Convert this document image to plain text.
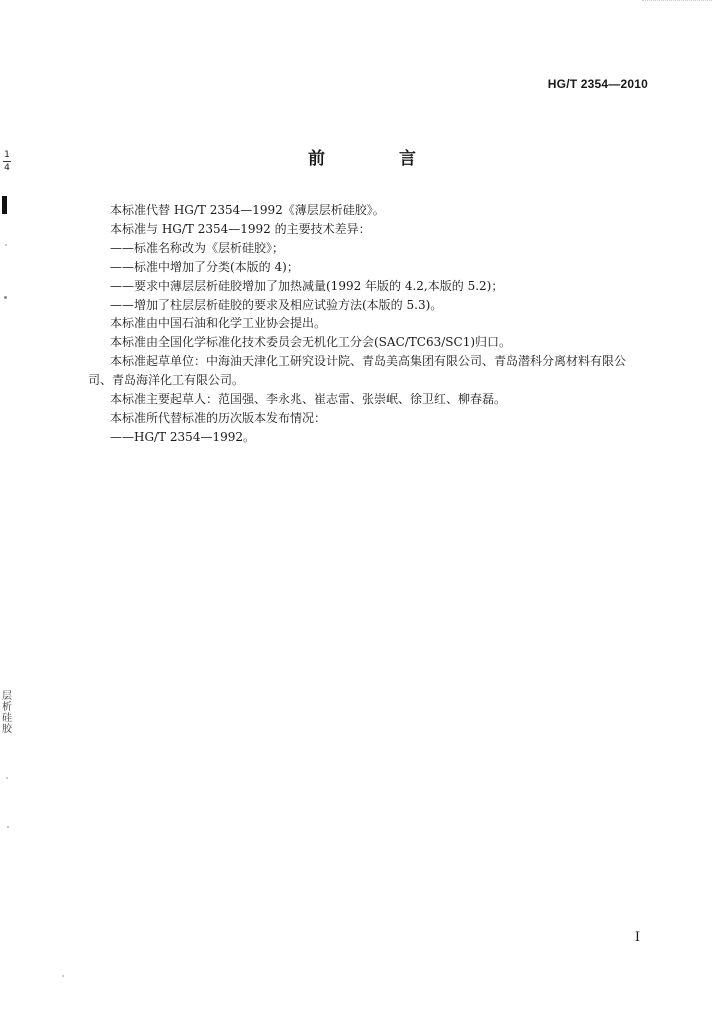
HG/T 2354—2010
1
4	前 言
本标准代替 HG/T 2354—1992《薄层层析硅胶》。
本标准与 HG/T 2354—1992 的主要技术差异：
——标准名称改为《层析硅胶》；
——标准中增加了分类(本版的 4)；
——要求中薄层层析硅胶增加了加热减量(1992 年版的 4.2,本版的 5.2)；
——增加了柱层层析硅胶的要求及相应试验方法(本版的 5.3)。
本标准由中国石油和化学工业协会提出。
本标准由全国化学标准化技术委员会无机化工分会(SAC/TC63/SC1)归口。
本标准起草单位：中海油天津化工研究设计院、青岛美高集团有限公司、青岛潜科分离材料有限公
司、青岛海洋化工有限公司。
本标准主要起草人：范国强、李永兆、崔志雷、张崇岷、徐卫红、柳春磊。
本标准所代替标准的历次版本发布情况：
——HG/T 2354—1992。
层
析
硅
胶
I
